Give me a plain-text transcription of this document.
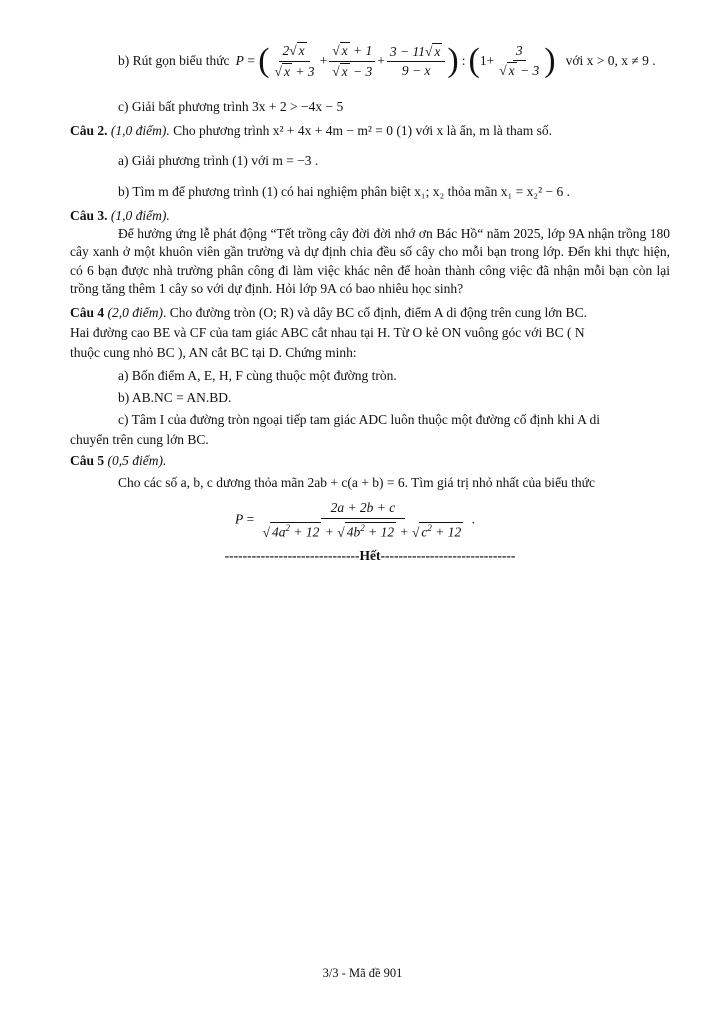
b) Rút gọn biểu thức P = ( $\frac{2√ x}{√ x + 3} + \frac{√ x + 1}{√ x - 3} + \frac{3 - 11√ x}{9 - x}$ ) : ( $1+ \frac{3}{√ x - 3}$ ) với x > 0, x ≠ 9 .
c) Giải bất phương trình 3x + 2 > −4x − 5
Câu 2. (1,0 điểm). Cho phương trình x² + 4x + 4m − m² = 0 (1) với x là ẩn, m là tham số.
a) Giải phương trình (1) với m = −3 .
b) Tìm m để phương trình (1) có hai nghiệm phân biệt x₁; x₂ thỏa mãn x₁ = x₂² − 6 .
Câu 3. (1,0 điểm).
Để hưởng ứng lễ phát động “Tết trồng cây đời đời nhớ ơn Bác Hồ“ năm 2025, lớp 9A nhận trồng 180 cây xanh ở một khuôn viên gần trường và dự định chia đều số cây cho mỗi bạn trong lớp. Đến khi thực hiện, có 6 bạn được nhà trường phân công đi làm việc khác nên để hoàn thành công việc đã nhận mỗi bạn còn lại trồng tăng thêm 1 cây so với dự định. Hỏi lớp 9A có bao nhiêu học sinh?
Câu 4 (2,0 điểm). Cho đường tròn (O; R) và dây BC cố định, điểm A di động trên cung lớn BC.
Hai đường cao BE và CF của tam giác ABC cắt nhau tại H. Từ O kẻ ON vuông góc với BC ( N
thuộc cung nhỏ BC ), AN cắt BC tại D. Chứng minh:
a) Bốn điểm A, E, H, F cùng thuộc một đường tròn.
b) AB.NC = AN.BD.
c) Tâm I của đường tròn ngoại tiếp tam giác ADC luôn thuộc một đường cố định khi A di
chuyển trên cung lớn BC.
Câu 5 (0,5 điểm).
Cho các số a, b, c dương thỏa mãn 2ab + c(a + b) = 6. Tìm giá trị nhỏ nhất của biểu thức
$P = \frac{2a + 2b + c}{√ 4a^2 + 12 + √ 4b^2 + 12 + √ c^2 + 12}$ .
------------------------------Hết------------------------------
3/3 - Mã đề 901
